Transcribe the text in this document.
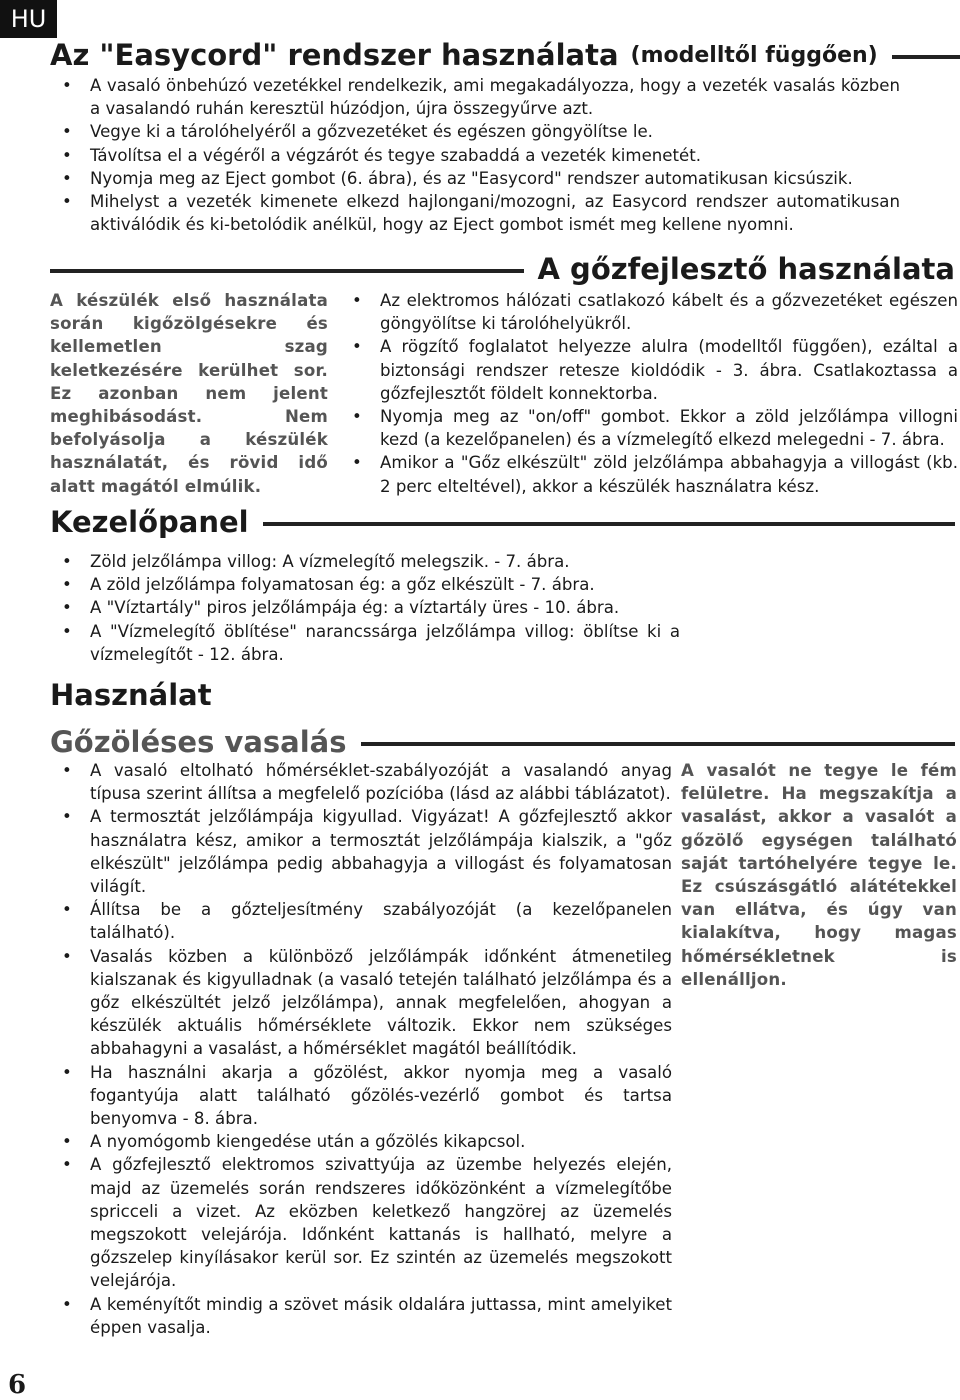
HU
Az "Easycord" rendszer használata (modelltől függően)
• A vasaló önbehúzó vezetékkel rendelkezik, ami megakadályozza, hogy a vezeték vasalás közben a vasalandó ruhán keresztül húzódjon, újra összegyűrve azt.
• Vegye ki a tárolóhelyéről a gőzvezetéket és egészen göngyölítse le.
• Távolítsa el a végéről a végzárót és tegye szabaddá a vezeték kimenetét.
• Nyomja meg az Eject gombot (6. ábra), és az "Easycord" rendszer automatikusan kicsúszik.
• Mihelyst a vezeték kimenete elkezd hajlongani/mozogni, az Easycord rendszer automatikusan aktiválódik és ki-betolódik anélkül, hogy az Eject gombot ismét meg kellene nyomni.
A gőzfejlesztő használata
A készülék első használata során kigőzölgésekre és kellemetlen szag keletkezésére kerülhet sor. Ez azonban nem jelent meghibásodást. Nem befolyásolja a készülék használatát, és rövid idő alatt magától elmúlik.
• Az elektromos hálózati csatlakozó kábelt és a gőzvezetéket egészen göngyölítse ki tárolóhelyükről.
• A rögzítő foglalatot helyezze alulra (modelltől függően), ezáltal a biztonsági rendszer retesze kioldódik - 3. ábra. Csatlakoztassa a gőzfejlesztőt földelt konnektorba.
• Nyomja meg az "on/off" gombot. Ekkor a zöld jelzőlámpa villogni kezd (a kezelőpanelen) és a vízmelegítő elkezd melegedni - 7. ábra.
• Amikor a "Gőz elkészült" zöld jelzőlámpa abbahagyja a villogást (kb. 2 perc elteltével), akkor a készülék használatra kész.
Kezelőpanel
• Zöld jelzőlámpa villog: A vízmelegítő melegszik. - 7. ábra.
• A zöld jelzőlámpa folyamatosan ég: a gőz elkészült - 7. ábra.
• A "Víztartály" piros jelzőlámpája ég: a víztartály üres - 10. ábra.
• A "Vízmelegítő öblítése" narancssárga jelzőlámpa villog: öblítse ki a vízmelegítőt - 12. ábra.
Használat
Gőzöléses vasalás
• A vasaló eltolható hőmérséklet-szabályozóját a vasalandó anyag típusa szerint állítsa a megfelelő pozícióba (lásd az alábbi táblázatot).
• A termosztát jelzőlámpája kigyullad. Vigyázat! A gőzfejlesztő akkor használatra kész, amikor a termosztát jelzőlámpája kialszik, a "gőz elkészült" jelzőlámpa pedig abbahagyja a villogást és folyamatosan világít.
• Állítsa be a gőzteljesítmény szabályozóját (a kezelőpanelen található).
• Vasalás közben a különböző jelzőlámpák időnként átmenetileg kialszanak és kigyulladnak (a vasaló tetején található jelzőlámpa és a gőz elkészültét jelző jelzőlámpa), annak megfelelően, ahogyan a készülék aktuális hőmérséklete változik. Ekkor nem szükséges abbahagyni a vasalást, a hőmérséklet magától beállítódik.
• Ha használni akarja a gőzölést, akkor nyomja meg a vasaló fogantyúja alatt található gőzölés-vezérlő gombot és tartsa benyomva - 8. ábra.
• A nyomógomb kiengedése után a gőzölés kikapcsol.
• A gőzfejlesztő elektromos szivattyúja az üzembe helyezés elején, majd az üzemelés során rendszeres időközönként a vízmelegítőbe spricceli a vizet. Az eközben keletkező hangzörej az üzemelés megszokott velejárója. Időnként kattanás is hallható, melyre a gőzszelep kinyílásakor kerül sor. Ez szintén az üzemelés megszokott velejárója.
• A keményítőt mindig a szövet másik oldalára juttassa, mint amelyiket éppen vasalja.
A vasalót ne tegye le fém felületre. Ha megszakítja a vasalást, akkor a vasalót a gőzölő egységen található saját tartóhelyére tegye le. Ez csúszásgátló alátétekkel van ellátva, és úgy van kialakítva, hogy magas hőmérsékletnek is ellenálljon.
6
